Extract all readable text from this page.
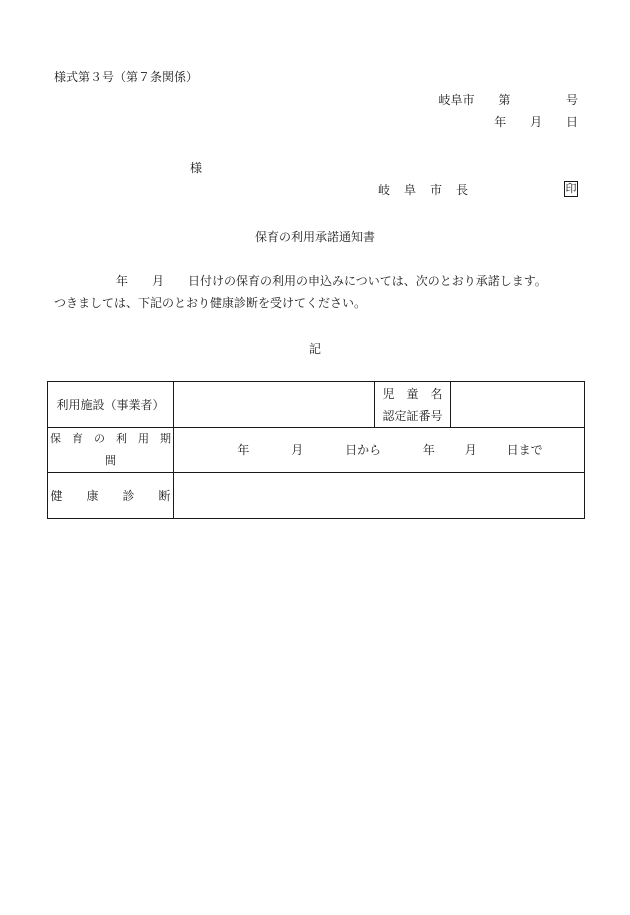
様式第３号（第７条関係）
岐阜市 第	号
年 月 日
様
岐　阜　市　長	印
保育の利用承諾通知書
年　　月　　日付けの保育の利用の申込みについては、次のとおり承諾します。
つきましては、下記のとおり健康診断を受けてください。
記
利用施設（事業者）		児　童　名
認定証番号	

保　育　の　利　用　期　間	年 月 日から 年 月 日まで		
健　　康　　診　　断			
